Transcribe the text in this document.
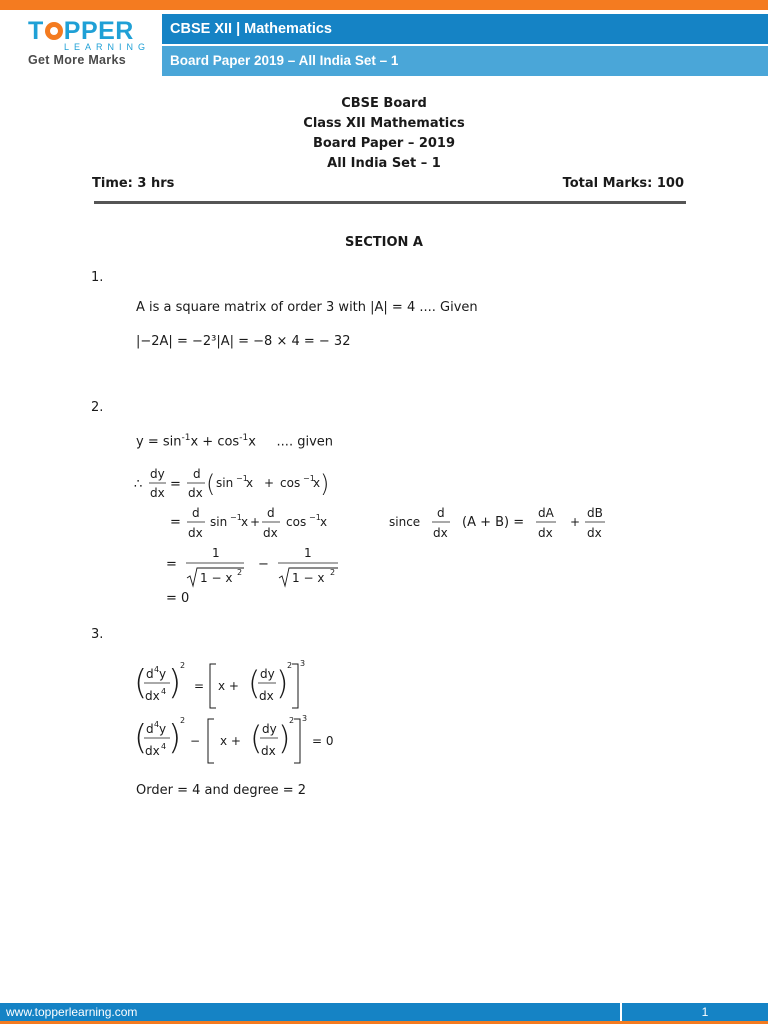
T PPER
LEARNING
Get More Marks
CBSE XII | Mathematics
Board Paper 2019 – All India Set – 1
CBSE Board
Class XII Mathematics
Board Paper – 2019
All India Set – 1
Time: 3 hrs	Total Marks: 100
SECTION A
1.
A is a square matrix of order 3 with |A| = 4 .... Given
|−2A| = −2³|A| = −8 × 4 = − 32
2.
$y = \sin^{-1}x + \cos^{-1}x$     .... given
∴
dy
dx
=
d
dx ( sin −1
x + cos −1
x )
=
d
dx
sin −1 x +
d
dx
cos −1 x	since
d
dx
(A + B) =
dA
dx
+
dB
dx
=
1
1 − x 2
−
1
1 − x 2
= 0
3.
(
d 4 y
dx 4 )
2
= x + ( dy
dx )
2 3
(
d 4 y
dx 4 )
2
− x + ( dy
dx )
2 3
= 0
Order = 4 and degree = 2
www.topperlearning.com	1
